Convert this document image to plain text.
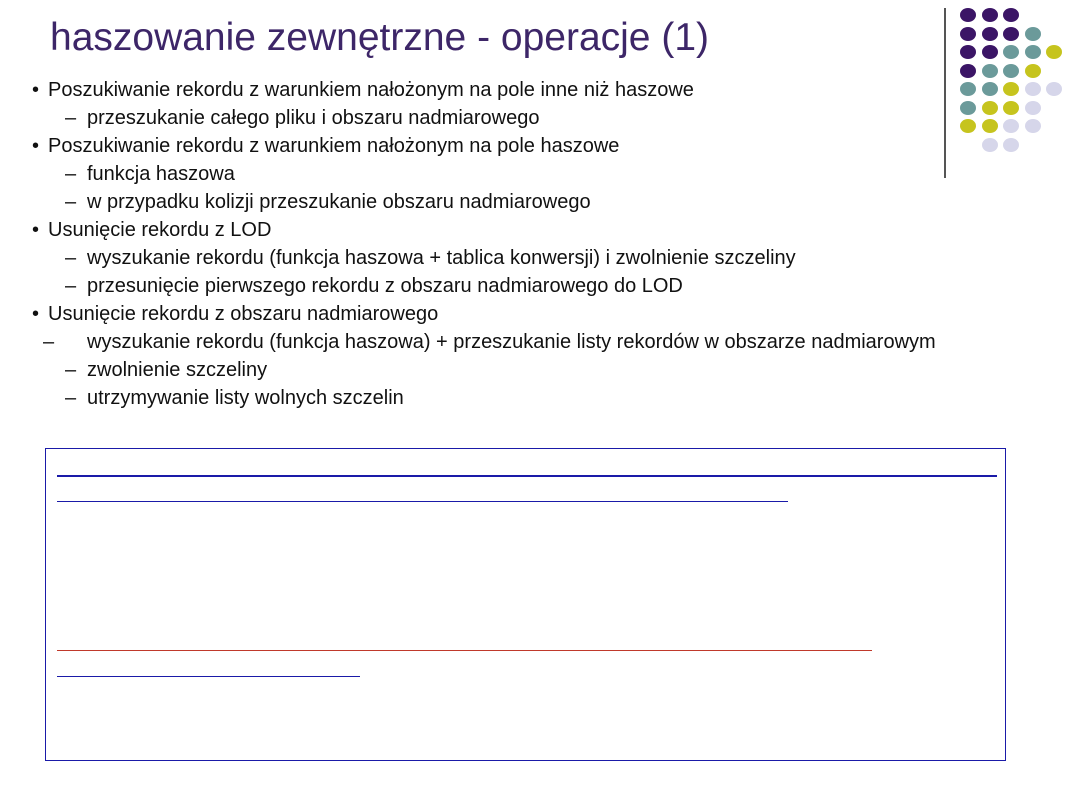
haszowanie zewnętrzne - operacje (1)
• Poszukiwanie rekordu z warunkiem nałożonym na pole inne niż haszowe
– przeszukanie całego pliku i obszaru nadmiarowego
• Poszukiwanie rekordu z warunkiem nałożonym na pole haszowe
– funkcja haszowa
– w przypadku kolizji przeszukanie obszaru nadmiarowego
• Usunięcie rekordu z LOD
– wyszukanie rekordu (funkcja haszowa + tablica konwersji) i zwolnienie szczeliny
– przesunięcie pierwszego rekordu z obszaru nadmiarowego do LOD
• Usunięcie rekordu z obszaru nadmiarowego
– wyszukanie rekordu (funkcja haszowa) + przeszukanie listy rekordów w obszarze nadmiarowym
– zwolnienie szczeliny
– utrzymywanie listy wolnych szczelin
